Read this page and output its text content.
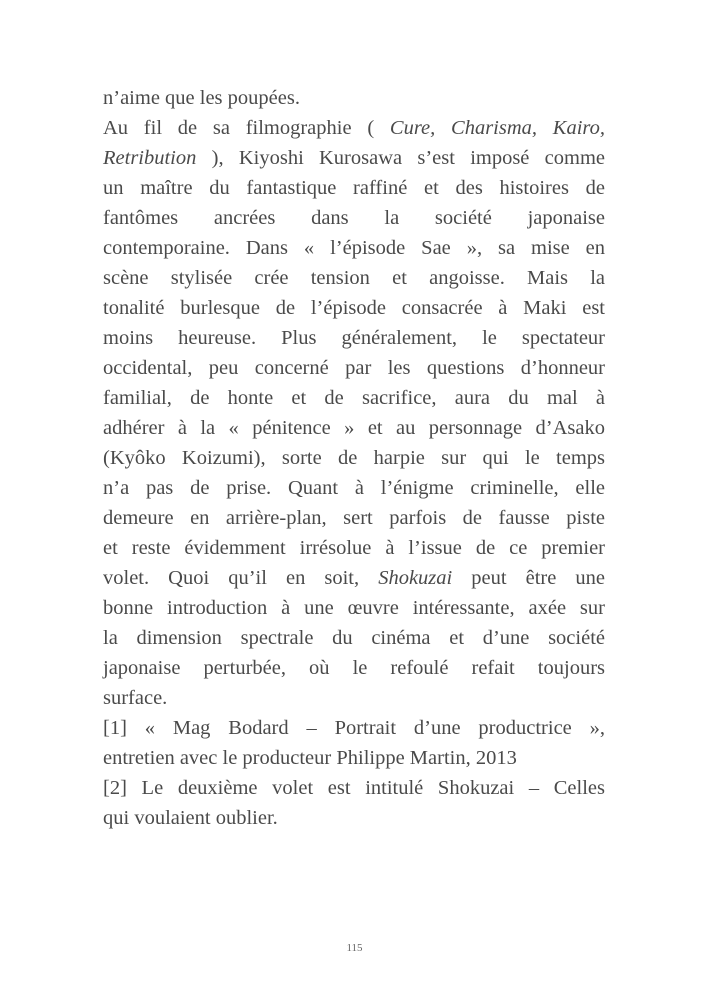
n’aime que les poupées.
Au fil de sa filmographie ( Cure, Charisma, Kairo,
Retribution ), Kiyoshi Kurosawa s’est imposé comme
un maître du fantastique raffiné et des histoires de
fantômes ancrées dans la société japonaise
contemporaine. Dans « l’épisode Sae », sa mise en
scène stylisée crée tension et angoisse. Mais la
tonalité burlesque de l’épisode consacrée à Maki est
moins heureuse. Plus généralement, le spectateur
occidental, peu concerné par les questions d’honneur
familial, de honte et de sacrifice, aura du mal à
adhérer à la « pénitence » et au personnage d’Asako
(Kyôko Koizumi), sorte de harpie sur qui le temps
n’a pas de prise. Quant à l’énigme criminelle, elle
demeure en arrière-plan, sert parfois de fausse piste
et reste évidemment irrésolue à l’issue de ce premier
volet. Quoi qu’il en soit, Shokuzai peut être une
bonne introduction à une œuvre intéressante, axée sur
la dimension spectrale du cinéma et d’une société
japonaise perturbée, où le refoulé refait toujours
surface.
[1] « Mag Bodard – Portrait d’une productrice »,
entretien avec le producteur Philippe Martin, 2013
[2] Le deuxième volet est intitulé Shokuzai – Celles
qui voulaient oublier.
115
